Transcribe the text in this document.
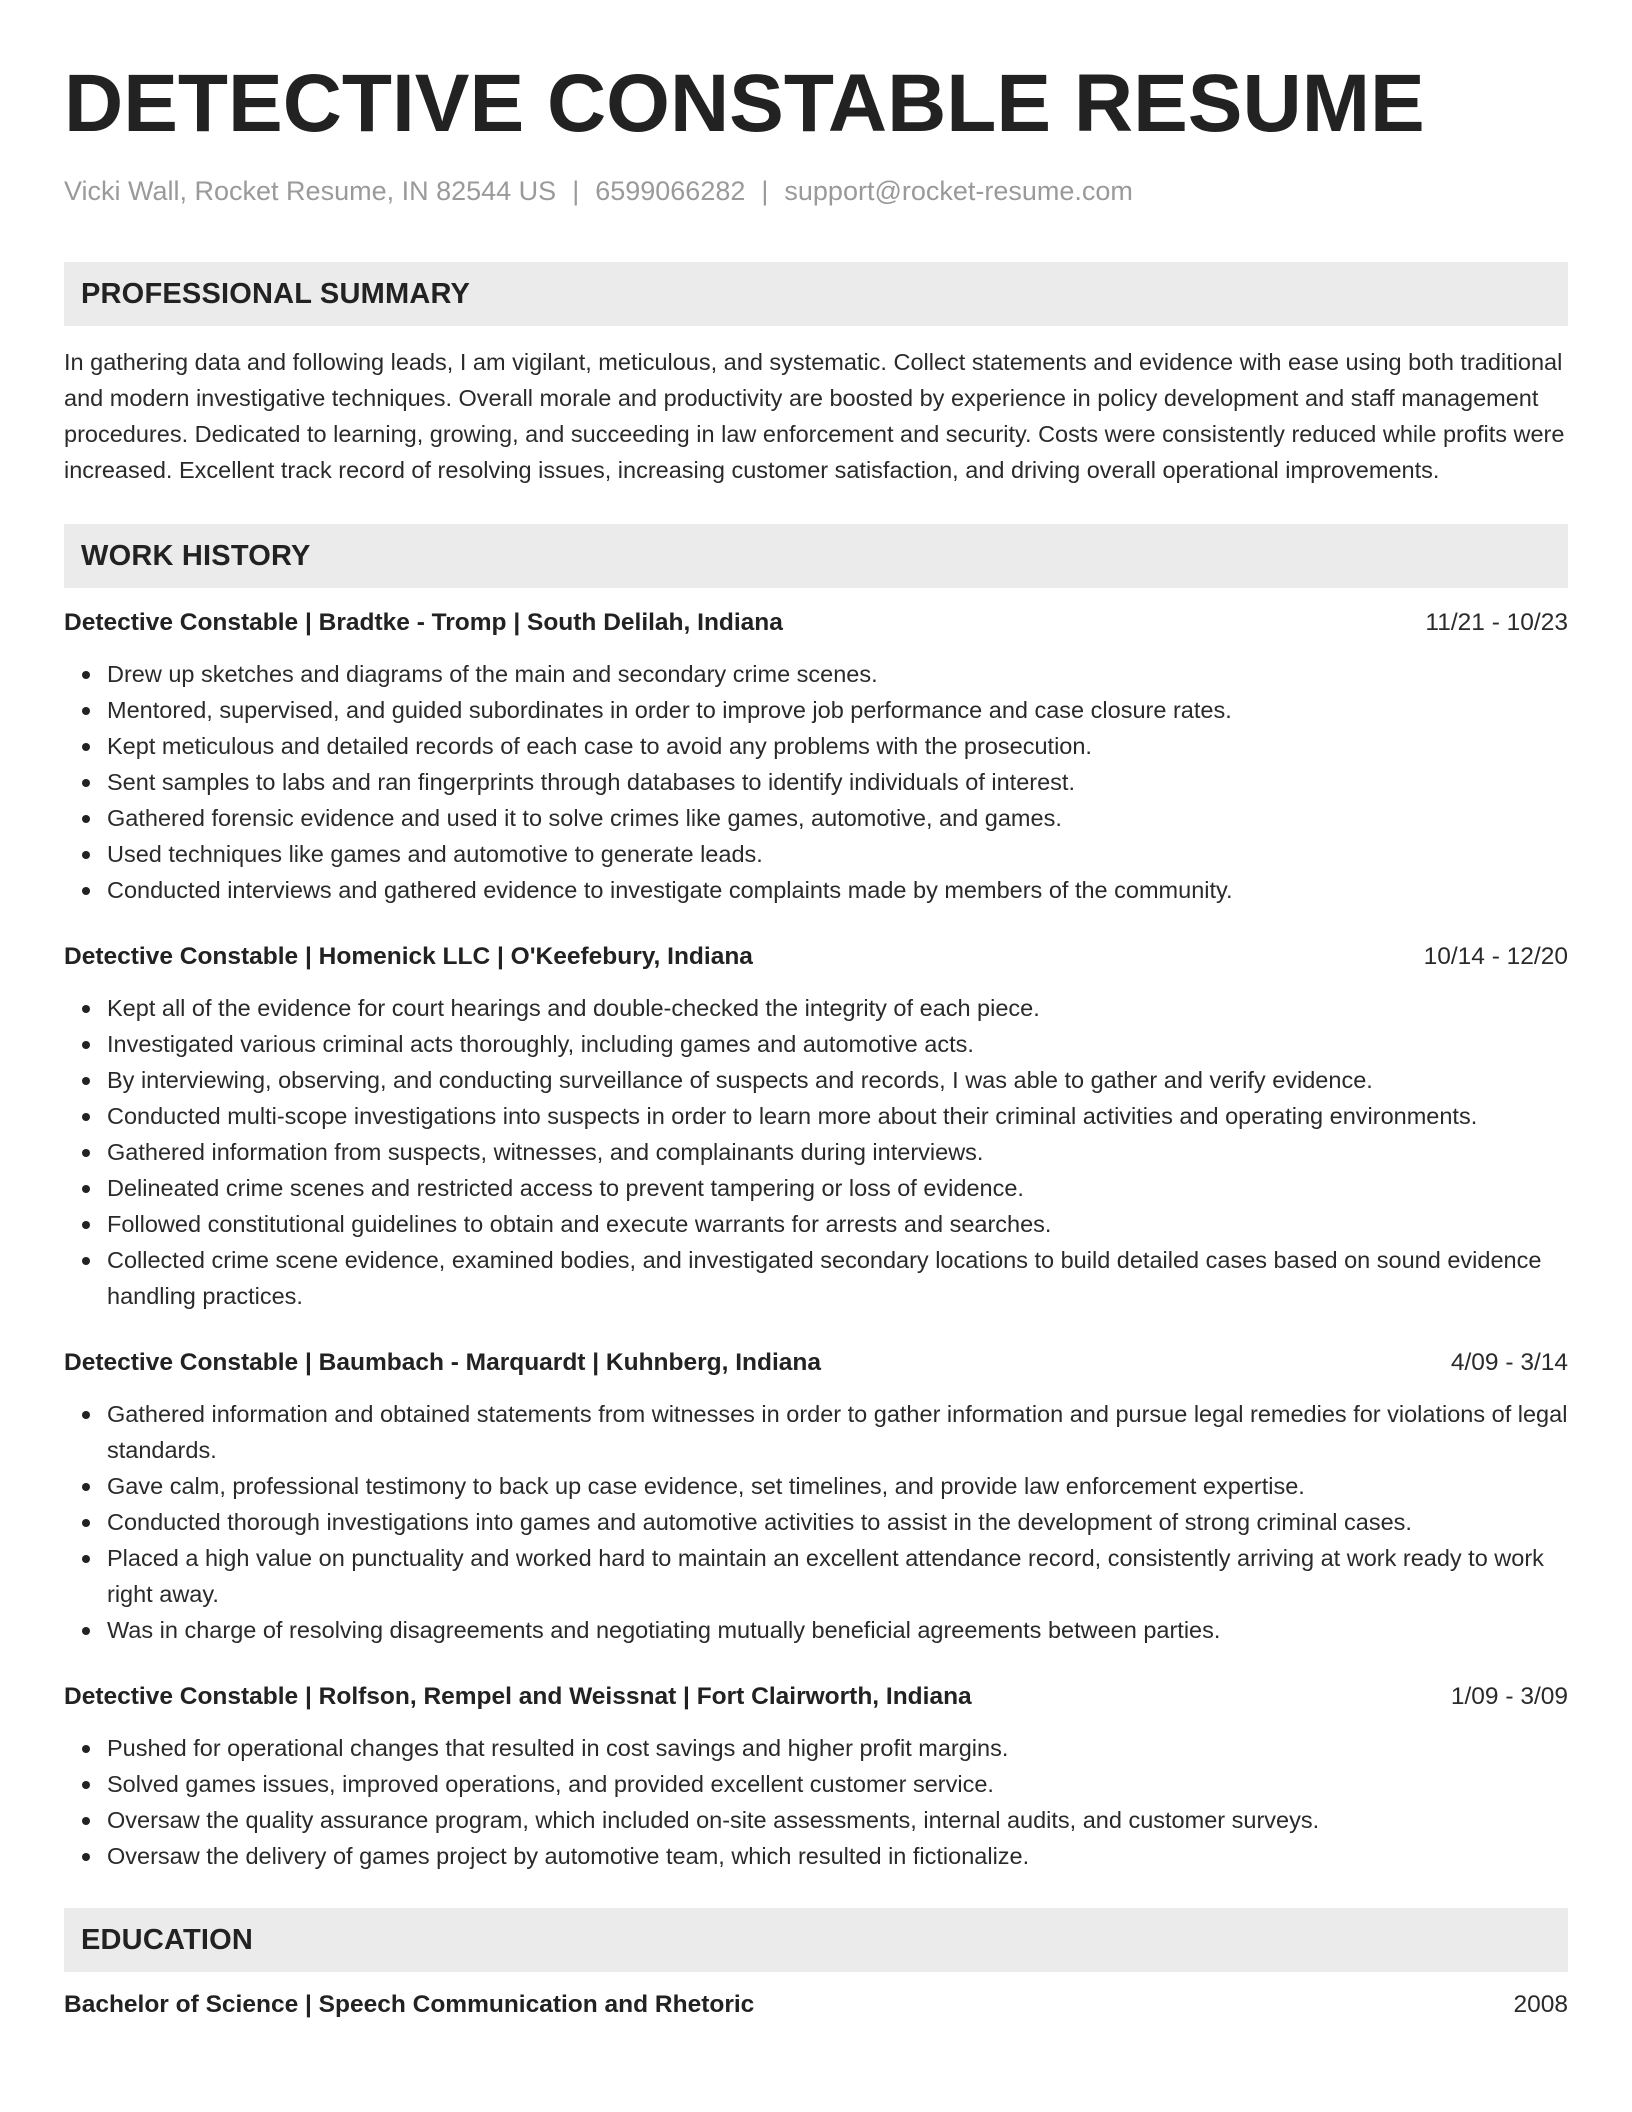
DETECTIVE CONSTABLE RESUME
Vicki Wall, Rocket Resume, IN 82544 US | 6599066282 | support@rocket-resume.com
PROFESSIONAL SUMMARY
In gathering data and following leads, I am vigilant, meticulous, and systematic. Collect statements and evidence with ease using both traditional and modern investigative techniques. Overall morale and productivity are boosted by experience in policy development and staff management procedures. Dedicated to learning, growing, and succeeding in law enforcement and security. Costs were consistently reduced while profits were increased. Excellent track record of resolving issues, increasing customer satisfaction, and driving overall operational improvements.
WORK HISTORY
Detective Constable | Bradtke - Tromp | South Delilah, Indiana	11/21 - 10/23
Drew up sketches and diagrams of the main and secondary crime scenes.
Mentored, supervised, and guided subordinates in order to improve job performance and case closure rates.
Kept meticulous and detailed records of each case to avoid any problems with the prosecution.
Sent samples to labs and ran fingerprints through databases to identify individuals of interest.
Gathered forensic evidence and used it to solve crimes like games, automotive, and games.
Used techniques like games and automotive to generate leads.
Conducted interviews and gathered evidence to investigate complaints made by members of the community.
Detective Constable | Homenick LLC | O'Keefebury, Indiana	10/14 - 12/20
Kept all of the evidence for court hearings and double-checked the integrity of each piece.
Investigated various criminal acts thoroughly, including games and automotive acts.
By interviewing, observing, and conducting surveillance of suspects and records, I was able to gather and verify evidence.
Conducted multi-scope investigations into suspects in order to learn more about their criminal activities and operating environments.
Gathered information from suspects, witnesses, and complainants during interviews.
Delineated crime scenes and restricted access to prevent tampering or loss of evidence.
Followed constitutional guidelines to obtain and execute warrants for arrests and searches.
Collected crime scene evidence, examined bodies, and investigated secondary locations to build detailed cases based on sound evidence handling practices.
Detective Constable | Baumbach - Marquardt | Kuhnberg, Indiana	4/09 - 3/14
Gathered information and obtained statements from witnesses in order to gather information and pursue legal remedies for violations of legal standards.
Gave calm, professional testimony to back up case evidence, set timelines, and provide law enforcement expertise.
Conducted thorough investigations into games and automotive activities to assist in the development of strong criminal cases.
Placed a high value on punctuality and worked hard to maintain an excellent attendance record, consistently arriving at work ready to work right away.
Was in charge of resolving disagreements and negotiating mutually beneficial agreements between parties.
Detective Constable | Rolfson, Rempel and Weissnat | Fort Clairworth, Indiana	1/09 - 3/09
Pushed for operational changes that resulted in cost savings and higher profit margins.
Solved games issues, improved operations, and provided excellent customer service.
Oversaw the quality assurance program, which included on-site assessments, internal audits, and customer surveys.
Oversaw the delivery of games project by automotive team, which resulted in fictionalize.
EDUCATION
Bachelor of Science | Speech Communication and Rhetoric	2008
